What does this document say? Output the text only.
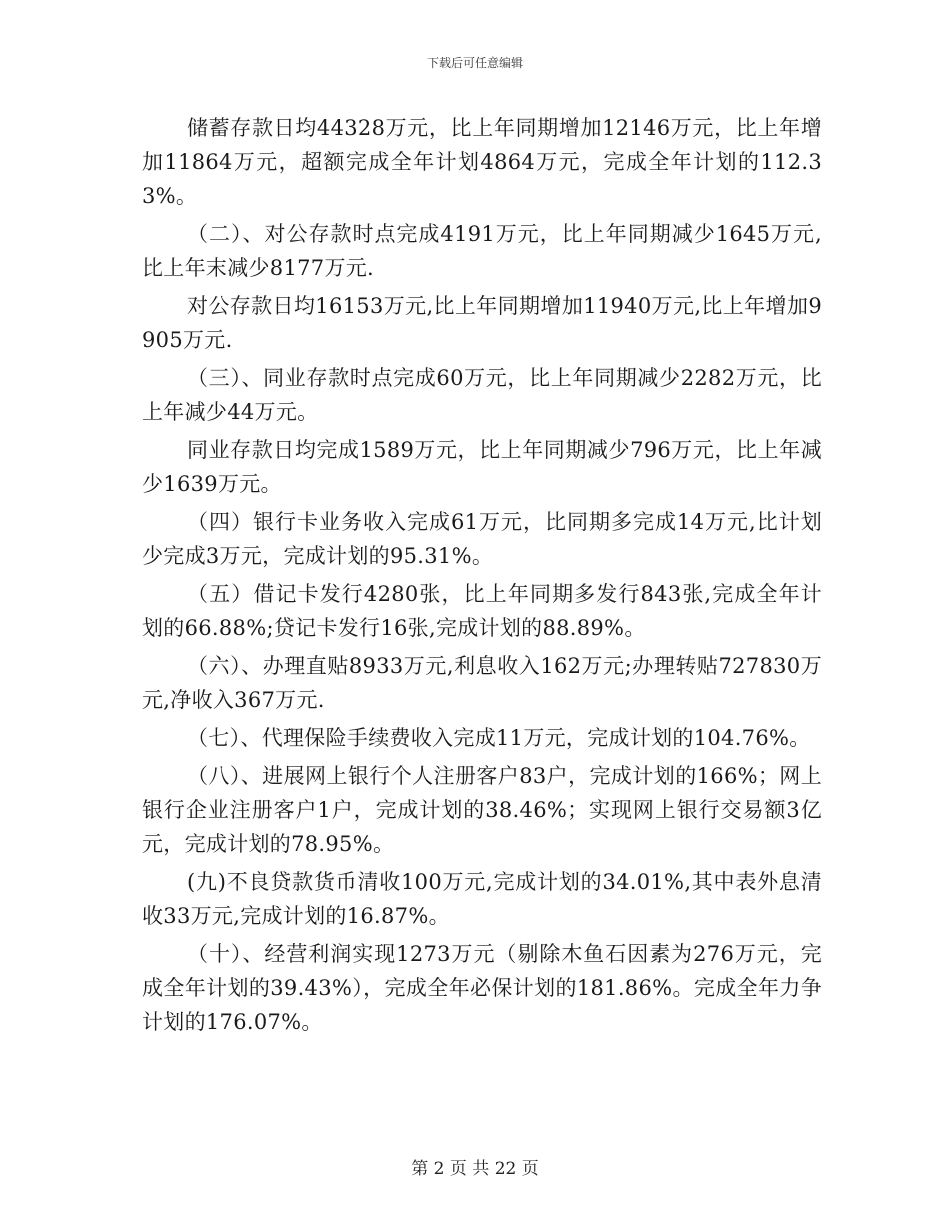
下载后可任意编辑

储蓄存款日均44328万元，比上年同期增加12146万元，比上年增加11864万元，超额完成全年计划4864万元，完成全年计划的112.33%。

（二）、对公存款时点完成4191万元，比上年同期减少1645万元,比上年末减少8177万元.

对公存款日均16153万元,比上年同期增加11940万元,比上年增加9905万元.

（三）、同业存款时点完成60万元，比上年同期减少2282万元，比上年减少44万元。

同业存款日均完成1589万元，比上年同期减少796万元，比上年减少1639万元。

（四）银行卡业务收入完成61万元，比同期多完成14万元,比计划少完成3万元，完成计划的95.31%。

（五）借记卡发行4280张，比上年同期多发行843张,完成全年计划的66.88%;贷记卡发行16张,完成计划的88.89%。

（六）、办理直贴8933万元,利息收入162万元;办理转贴727830万元,净收入367万元.

（七）、代理保险手续费收入完成11万元，完成计划的104.76%。

（八）、进展网上银行个人注册客户83户，完成计划的166%；网上银行企业注册客户1户，完成计划的38.46%；实现网上银行交易额3亿元，完成计划的78.95%。

(九)不良贷款货币清收100万元,完成计划的34.01%,其中表外息清收33万元,完成计划的16.87%。

（十）、经营利润实现1273万元（剔除木鱼石因素为276万元，完成全年计划的39.43%），完成全年必保计划的181.86%。完成全年力争计划的176.07%。

第 2 页 共 22 页
